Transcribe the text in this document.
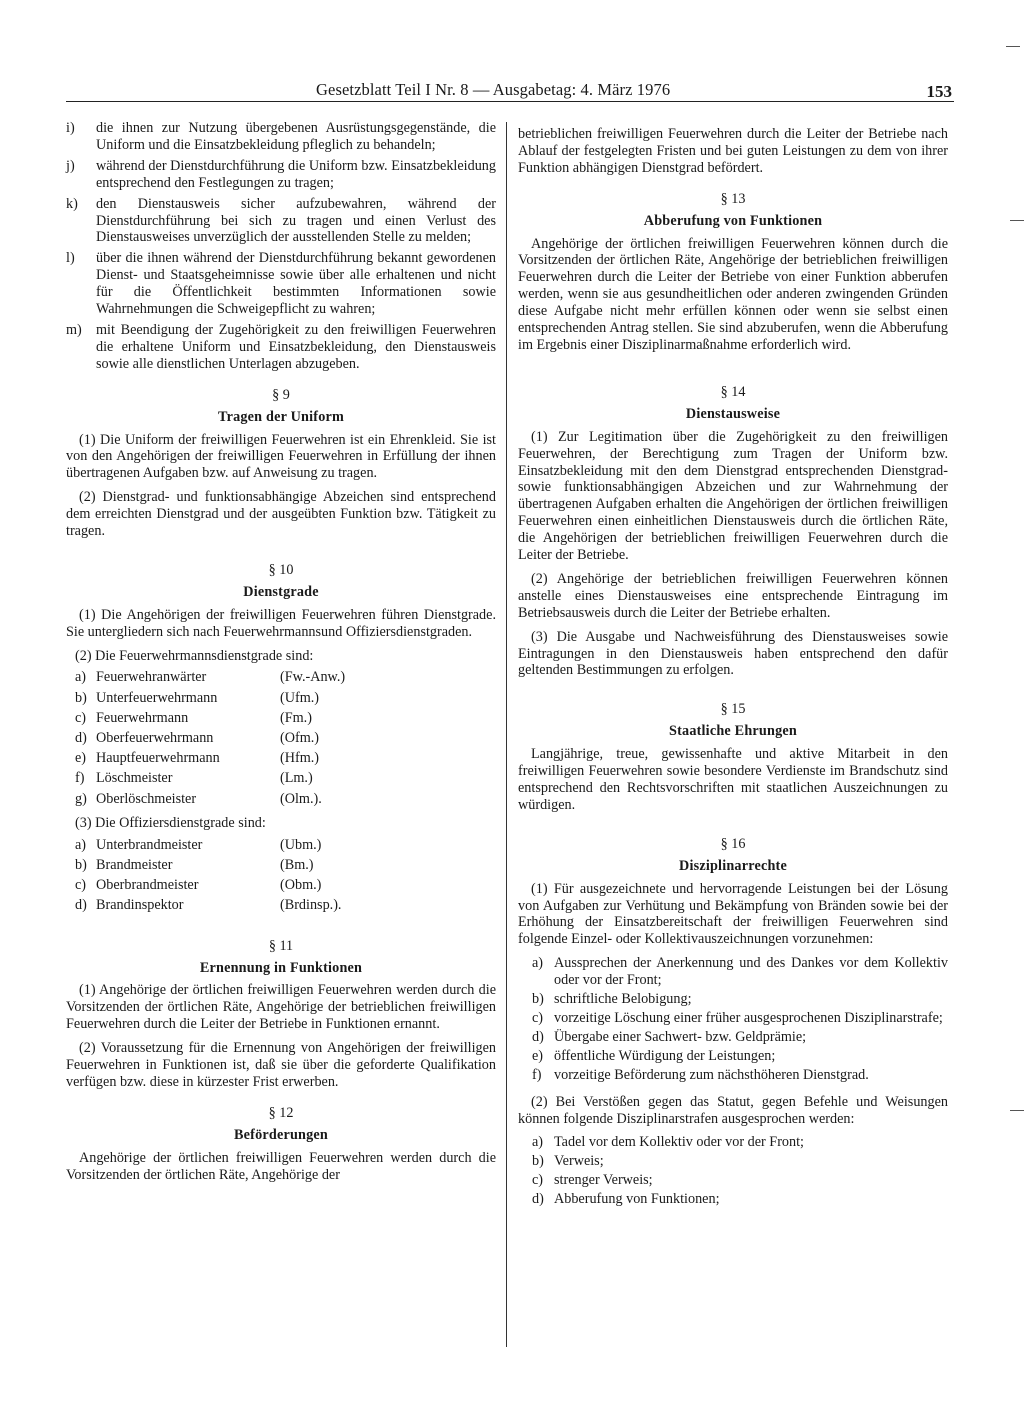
Gesetzblatt Teil I Nr. 8 — Ausgabetag: 4. März 1976	153
i)	die ihnen zur Nutzung übergebenen Ausrüstungsgegenstände, die Uniform und die Einsatzbekleidung pfleglich zu behandeln;
j)	während der Dienstdurchführung die Uniform bzw. Einsatzbekleidung entsprechend den Festlegungen zu tragen;
k)	den Dienstausweis sicher aufzubewahren, während der Dienstdurchführung bei sich zu tragen und einen Verlust des Dienstausweises unverzüglich der ausstellenden Stelle zu melden;
l)	über die ihnen während der Dienstdurchführung bekannt gewordenen Dienst- und Staatsgeheimnisse sowie über alle erhaltenen und nicht für die Öffentlichkeit bestimmten Informationen sowie Wahrnehmungen die Schweigepflicht zu wahren;
m)	mit Beendigung der Zugehörigkeit zu den freiwilligen Feuerwehren die erhaltene Uniform und Einsatzbekleidung, den Dienstausweis sowie alle dienstlichen Unterlagen abzugeben.
§ 9
Tragen der Uniform

(1) Die Uniform der freiwilligen Feuerwehren ist ein Ehrenkleid. Sie ist von den Angehörigen der freiwilligen Feuerwehren in Erfüllung der ihnen übertragenen Aufgaben bzw. auf Anweisung zu tragen.

(2) Dienstgrad- und funktionsabhängige Abzeichen sind entsprechend dem erreichten Dienstgrad und der ausgeübten Funktion bzw. Tätigkeit zu tragen.

§ 10
Dienstgrade

(1) Die Angehörigen der freiwilligen Feuerwehren führen Dienstgrade. Sie untergliedern sich nach Feuerwehrmannsund Offiziersdienstgraden.

(2) Die Feuerwehrmannsdienstgrade sind:
a) Feuerwehranwärter	(Fw.-Anw.)
b) Unterfeuerwehrmann	(Ufm.)
c) Feuerwehrmann	(Fm.)
d) Oberfeuerwehrmann	(Ofm.)
e) Hauptfeuerwehrmann	(Hfm.)
f) Löschmeister	(Lm.)
g) Oberlöschmeister	(Olm.).
(3) Die Offiziersdienstgrade sind:
a) Unterbrandmeister	(Ubm.)
b) Brandmeister	(Bm.)
c) Oberbrandmeister	(Obm.)
d) Brandinspektor	(Brdinsp.).
§ 11
Ernennung in Funktionen

(1) Angehörige der örtlichen freiwilligen Feuerwehren werden durch die Vorsitzenden der örtlichen Räte, Angehörige der betrieblichen freiwilligen Feuerwehren durch die Leiter der Betriebe in Funktionen ernannt.

(2) Voraussetzung für die Ernennung von Angehörigen der freiwilligen Feuerwehren in Funktionen ist, daß sie über die geforderte Qualifikation verfügen bzw. diese in kürzester Frist erwerben.

§ 12
Beförderungen

Angehörige der örtlichen freiwilligen Feuerwehren werden durch die Vorsitzenden der örtlichen Räte, Angehörige der

betrieblichen freiwilligen Feuerwehren durch die Leiter der Betriebe nach Ablauf der festgelegten Fristen und bei guten Leistungen zu dem von ihrer Funktion abhängigen Dienstgrad befördert.

§ 13
Abberufung von Funktionen

Angehörige der örtlichen freiwilligen Feuerwehren können durch die Vorsitzenden der örtlichen Räte, Angehörige der betrieblichen freiwilligen Feuerwehren durch die Leiter der Betriebe von einer Funktion abberufen werden, wenn sie aus gesundheitlichen oder anderen zwingenden Gründen diese Aufgabe nicht mehr erfüllen können oder wenn sie selbst einen entsprechenden Antrag stellen. Sie sind abzuberufen, wenn die Abberufung im Ergebnis einer Disziplinarmaßnahme erforderlich wird.

§ 14
Dienstausweise

(1) Zur Legitimation über die Zugehörigkeit zu den freiwilligen Feuerwehren, der Berechtigung zum Tragen der Uniform bzw. Einsatzbekleidung mit den dem Dienstgrad entsprechenden Dienstgrad- sowie funktionsabhängigen Abzeichen und zur Wahrnehmung der übertragenen Aufgaben erhalten die Angehörigen der örtlichen freiwilligen Feuerwehren einen einheitlichen Dienstausweis durch die örtlichen Räte, die Angehörigen der betrieblichen freiwilligen Feuerwehren durch die Leiter der Betriebe.

(2) Angehörige der betrieblichen freiwilligen Feuerwehren können anstelle eines Dienstausweises eine entsprechende Eintragung im Betriebsausweis durch die Leiter der Betriebe erhalten.

(3) Die Ausgabe und Nachweisführung des Dienstausweises sowie Eintragungen in den Dienstausweis haben entsprechend den dafür geltenden Bestimmungen zu erfolgen.

§ 15
Staatliche Ehrungen

Langjährige, treue, gewissenhafte und aktive Mitarbeit in den freiwilligen Feuerwehren sowie besondere Verdienste im Brandschutz sind entsprechend den Rechtsvorschriften mit staatlichen Auszeichnungen zu würdigen.

§ 16
Disziplinarrechte

(1) Für ausgezeichnete und hervorragende Leistungen bei der Lösung von Aufgaben zur Verhütung und Bekämpfung von Bränden sowie bei der Erhöhung der Einsatzbereitschaft der freiwilligen Feuerwehren sind folgende Einzel- oder Kollektivauszeichnungen vorzunehmen:

a) Aussprechen der Anerkennung und des Dankes vor dem Kollektiv oder vor der Front;
b) schriftliche Belobigung;
c) vorzeitige Löschung einer früher ausgesprochenen Disziplinarstrafe;
d) Übergabe einer Sachwert- bzw. Geldprämie;
e) öffentliche Würdigung der Leistungen;
f) vorzeitige Beförderung zum nächsthöheren Dienstgrad.

(2) Bei Verstößen gegen das Statut, gegen Befehle und Weisungen können folgende Disziplinarstrafen ausgesprochen werden:

a) Tadel vor dem Kollektiv oder vor der Front;
b) Verweis;
c) strenger Verweis;
d) Abberufung von Funktionen;
